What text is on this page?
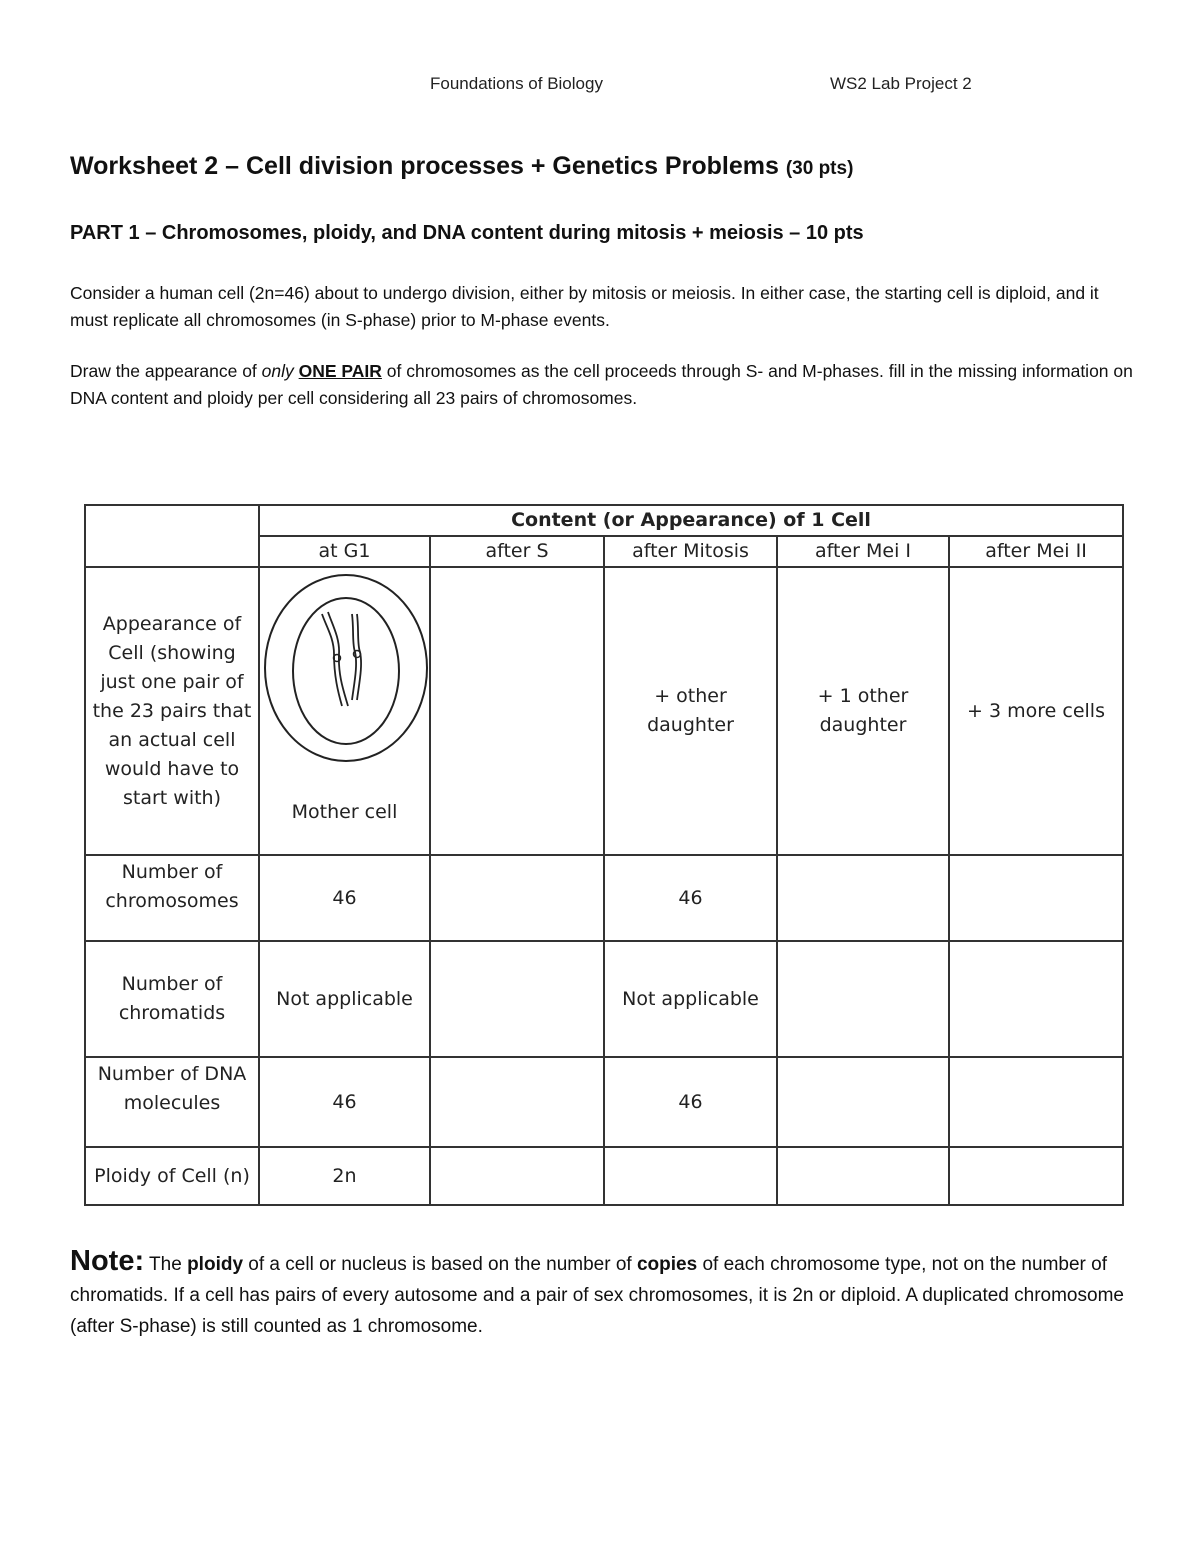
Foundations of Biology	WS2 Lab Project 2
Worksheet 2 – Cell division processes + Genetics Problems (30 pts)
PART 1 – Chromosomes, ploidy, and DNA content during mitosis + meiosis – 10 pts
Consider a human cell (2n=46) about to undergo division, either by mitosis or meiosis. In either case, the starting cell is diploid, and it must replicate all chromosomes (in S-phase) prior to M-phase events.
Draw the appearance of only ONE PAIR of chromosomes as the cell proceeds through S- and M-phases. fill in the missing information on DNA content and ploidy per cell considering all 23 pairs of chromosomes.
	Content (or Appearance) of 1 Cell				
	at G1	after S	after Mitosis	after Mei I	after Mei II
Appearance of Cell (showing just one pair of the 23 pairs that an actual cell would have to start with)	Mother cell		+ other daughter	+ 1 other daughter	+ 3 more cells
Number of chromosomes	46		46		
Number of chromatids	Not applicable		Not applicable		
Number of DNA molecules	46		46		
Ploidy of Cell (n)	2n				
Note: The ploidy of a cell or nucleus is based on the number of copies of each chromosome type, not on the number of chromatids. If a cell has pairs of every autosome and a pair of sex chromosomes, it is 2n or diploid. A duplicated chromosome (after S-phase) is still counted as 1 chromosome.
